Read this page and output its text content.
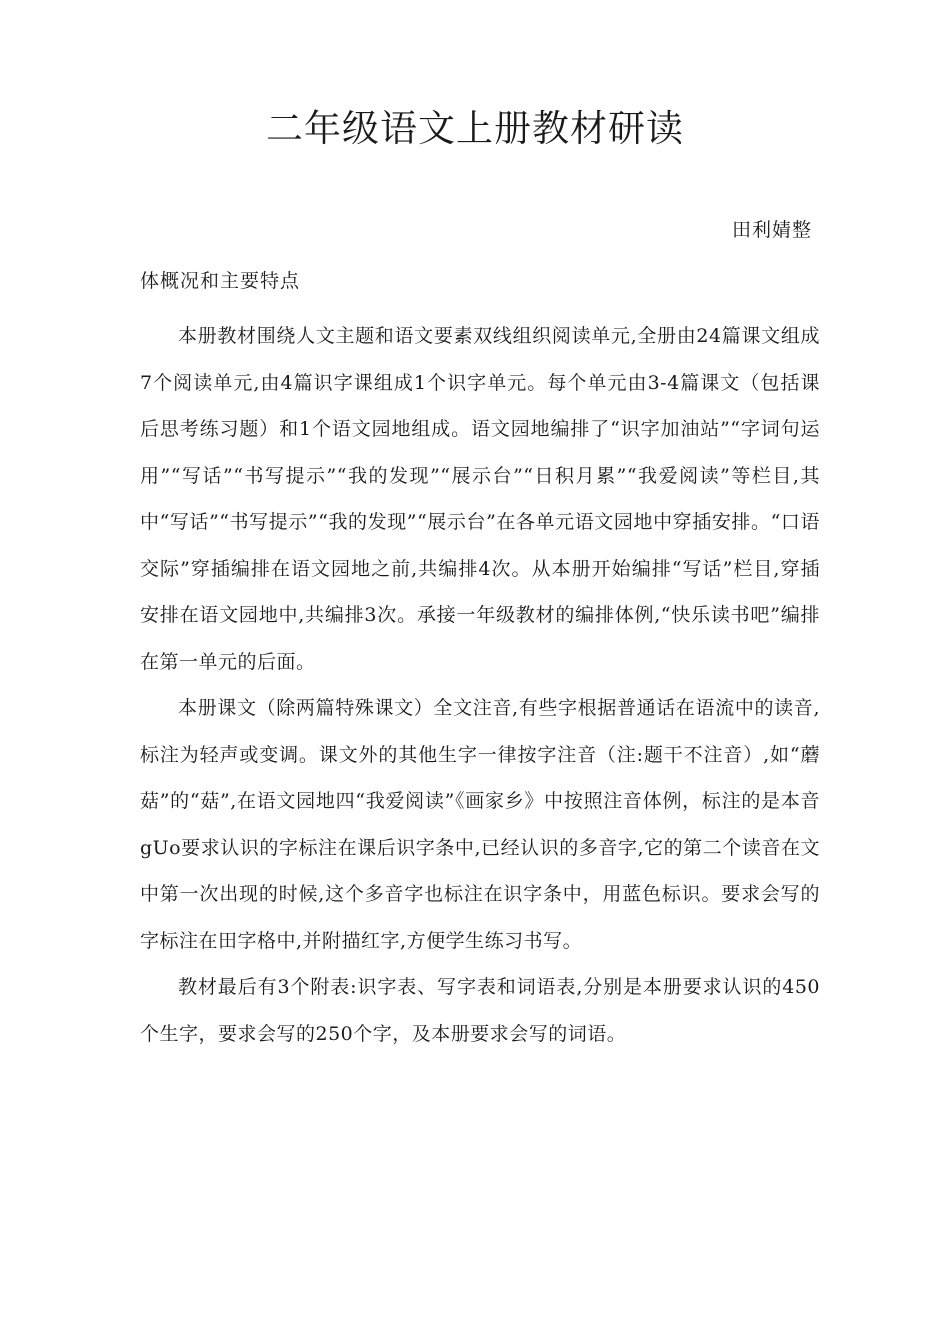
二年级语文上册教材研读
田利婧整
体概况和主要特点

本册教材围绕人文主题和语文要素双线组织阅读单元,全册由24篇课文组成7个阅读单元,由4篇识字课组成1个识字单元。每个单元由3-4篇课文（包括课后思考练习题）和1个语文园地组成。语文园地编排了“识字加油站”“字词句运用”“写话”“书写提示”“我的发现”“展示台”“日积月累”“我爱阅读”等栏目,其中“写话”“书写提示”“我的发现”“展示台”在各单元语文园地中穿插安排。“口语交际”穿插编排在语文园地之前,共编排4次。从本册开始编排“写话”栏目,穿插安排在语文园地中,共编排3次。承接一年级教材的编排体例,“快乐读书吧”编排在第一单元的后面。

本册课文（除两篇特殊课文）全文注音,有些字根据普通话在语流中的读音,标注为轻声或变调。课文外的其他生字一律按字注音（注:题干不注音）,如“蘑菇”的“菇”,在语文园地四“我爱阅读”《画家乡》中按照注音体例，标注的是本音gUo要求认识的字标注在课后识字条中,已经认识的多音字,它的第二个读音在文中第一次出现的时候,这个多音字也标注在识字条中，用蓝色标识。要求会写的字标注在田字格中,并附描红字,方便学生练习书写。

教材最后有3个附表:识字表、写字表和词语表,分别是本册要求认识的450个生字，要求会写的250个字，及本册要求会写的词语。
